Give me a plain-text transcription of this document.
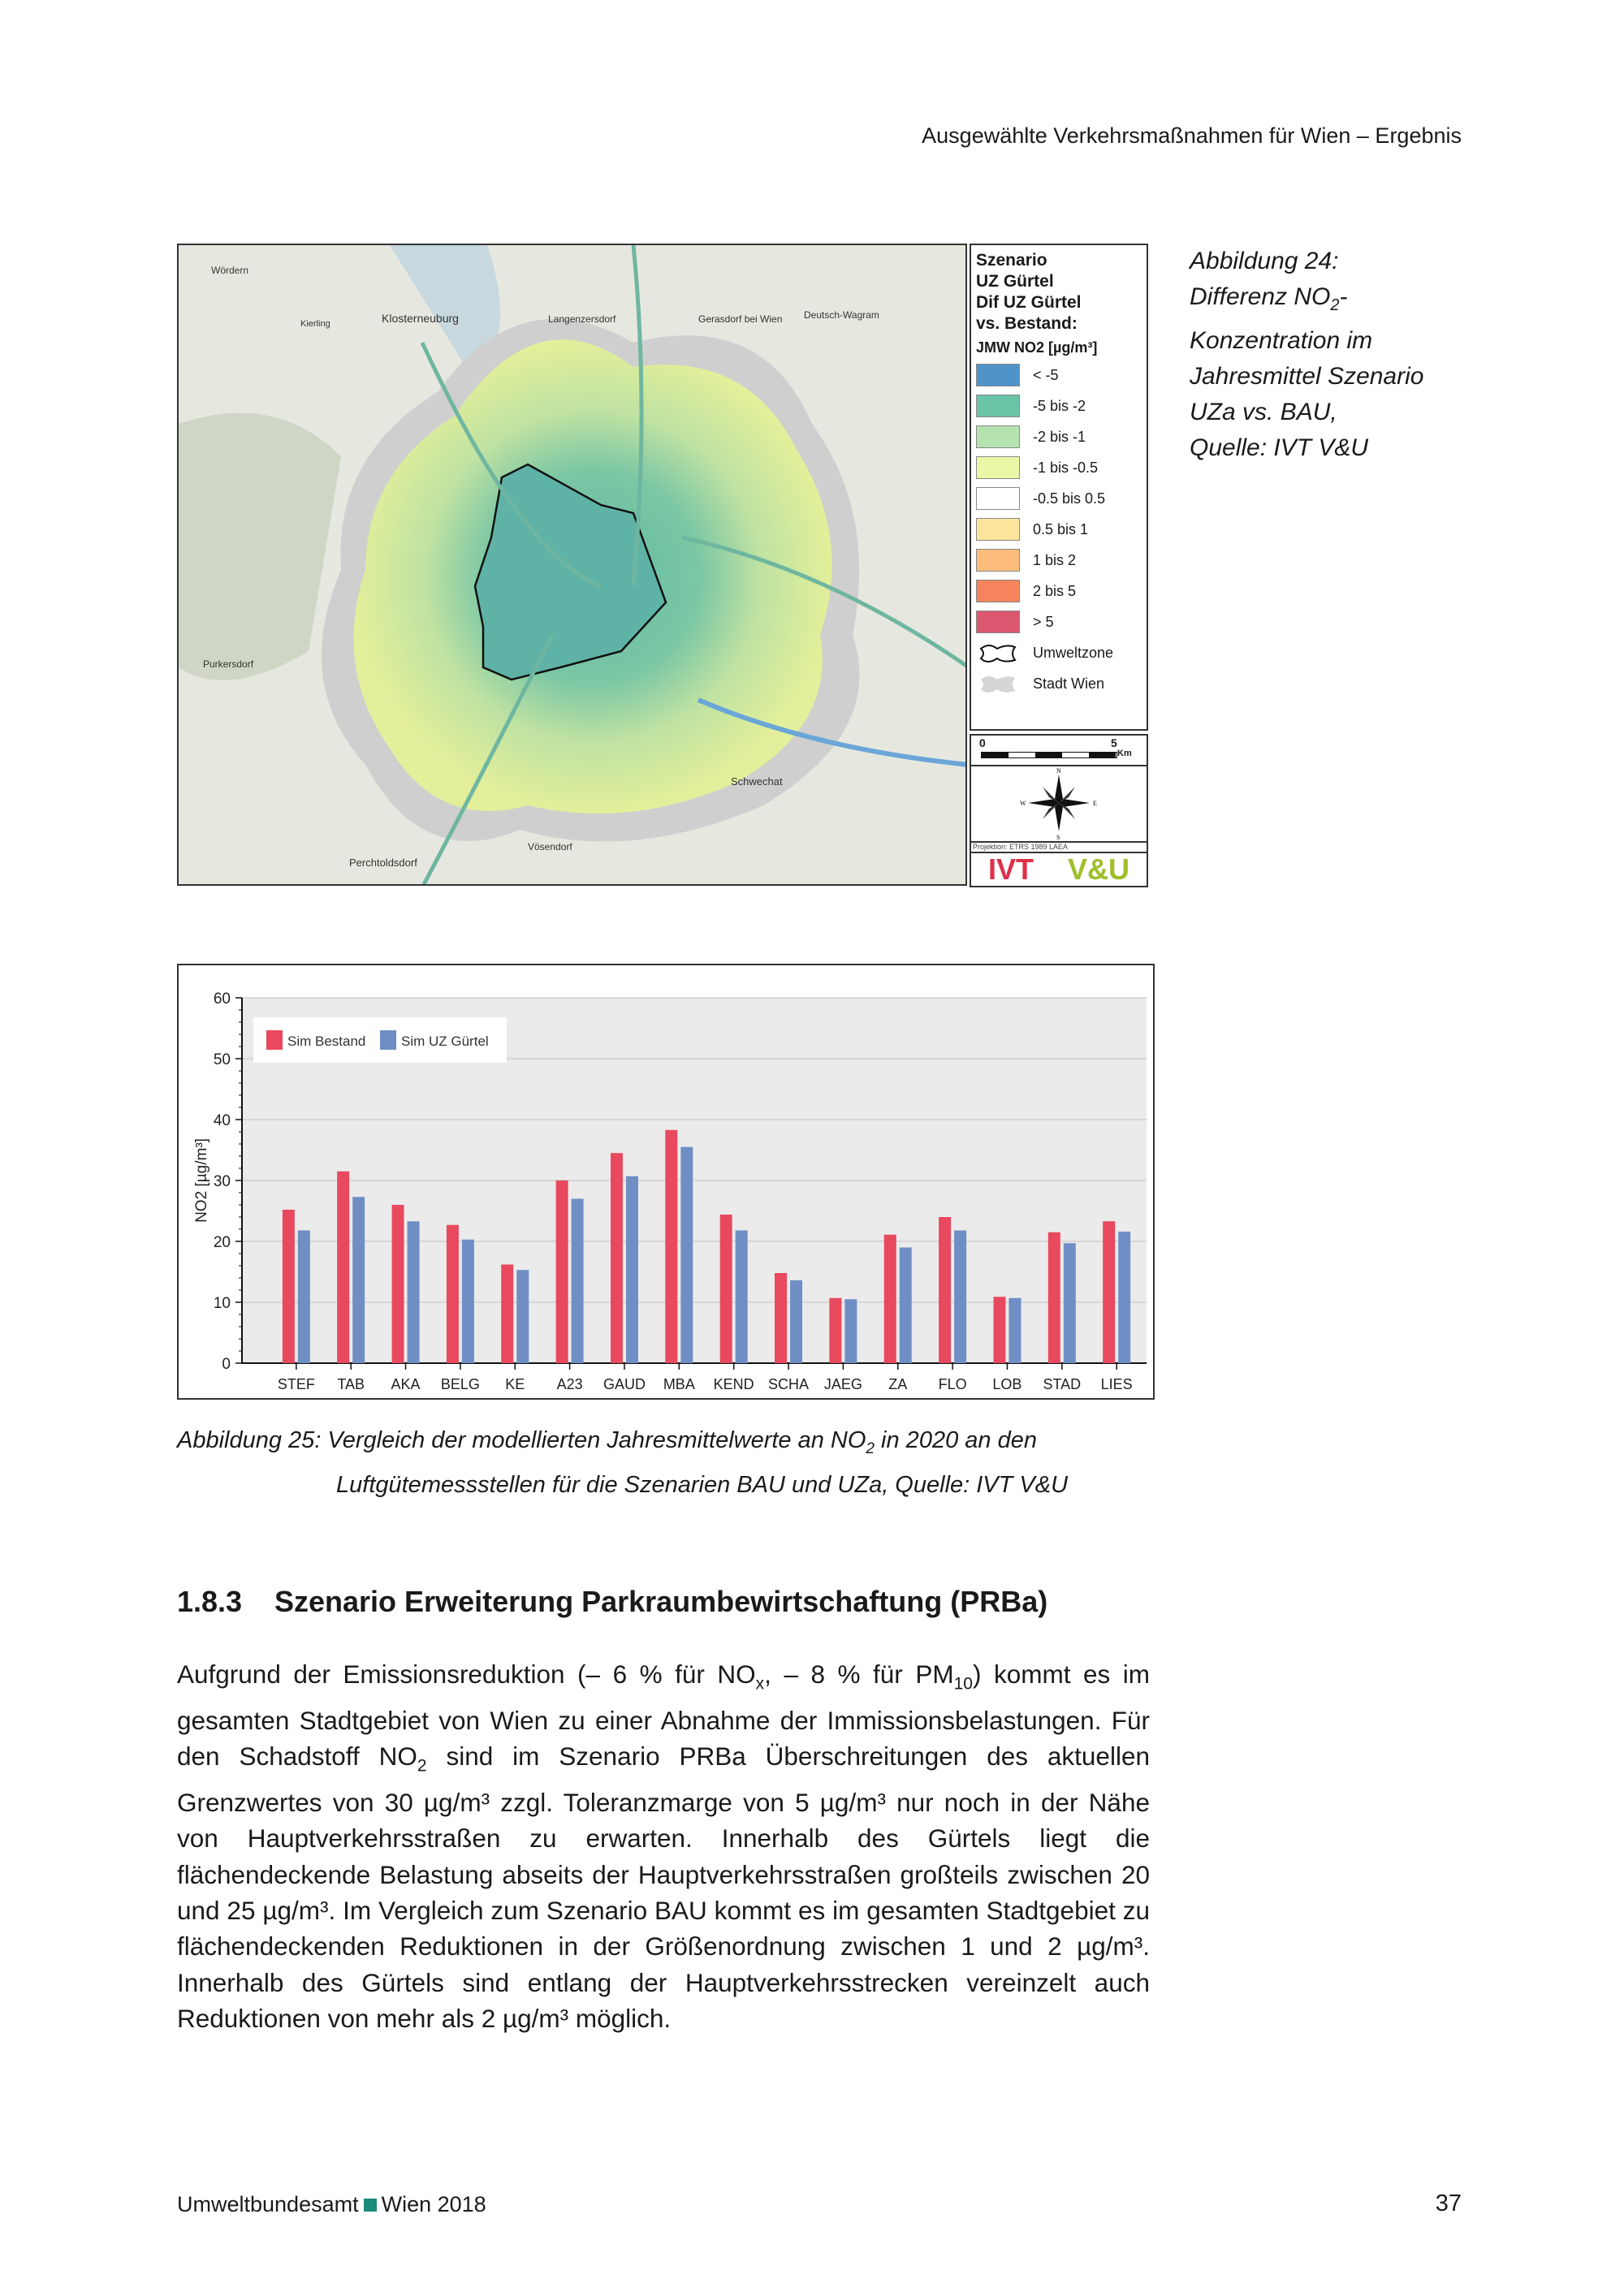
Ausgewählte Verkehrsmaßnahmen für Wien – Ergebnis
Klosterneuburg	Langenzersdorf	Gerasdorf bei Wien Deutsch-Wagram
Schwechat
Perchtoldsdorf
Vösendorf
Purkersdorf
Wördern
Kierling
Szenario
UZ Gürtel
Dif UZ Gürtel
vs. Bestand:
JMW NO2 [µg/m³]
< -5
-5 bis -2
-2 bis -1
-1 bis -0.5
-0.5 bis 0.5
0.5 bis 1
1 bis 2
2 bis 5
> 5
Umweltzone
Stadt Wien
0	5
Km
N
S
W	E
Projektion: ETRS 1989 LAEA
IVT V&U
Abbildung 24:
Differenz $NO_2-$
Konzentration im
Jahresmittel Szenario
UZa vs. BAU,
Quelle: IVT V&U
0
10
20
30
40
50
60
NO2 [µg/m³]
STEF TAB AKA BELG KE A23 GAUD MBA KEND SCHA JAEG ZA FLO LOB STAD LIES
Sim Bestand	Sim UZ Gürtel
Abbildung 25: Vergleich der modellierten Jahresmittelwerte an $NO_2$ in 2020 an den
Luftgütemessstellen für die Szenarien BAU und UZa, Quelle: IVT V&U
1.8.3 Szenario Erweiterung Parkraumbewirtschaftung (PRBa)

Aufgrund der Emissionsreduktion (– 6 % für $NO_x$, – 8 % für $PM_{10}$) kommt es im gesamten Stadtgebiet von Wien zu einer Abnahme der Immissionsbelastungen. Für den Schadstoff $NO_2$ sind im Szenario PRBa Überschreitungen des aktuellen Grenzwertes von 30 µg/m³ zzgl. Toleranzmarge von 5 µg/m³ nur noch in der Nähe von Hauptverkehrsstraßen zu erwarten. Innerhalb des Gürtels liegt die flächendeckende Belastung abseits der Hauptverkehrsstraßen großteils zwischen 20 und 25 µg/m³. Im Vergleich zum Szenario BAU kommt es im gesamten Stadtgebiet zu flächendeckenden Reduktionen in der Größenordnung zwischen 1 und 2 µg/m³. Innerhalb des Gürtels sind entlang der Hauptverkehrsstrecken vereinzelt auch Reduktionen von mehr als 2 µg/m³ möglich.

Umweltbundesamt Wien 2018	37
